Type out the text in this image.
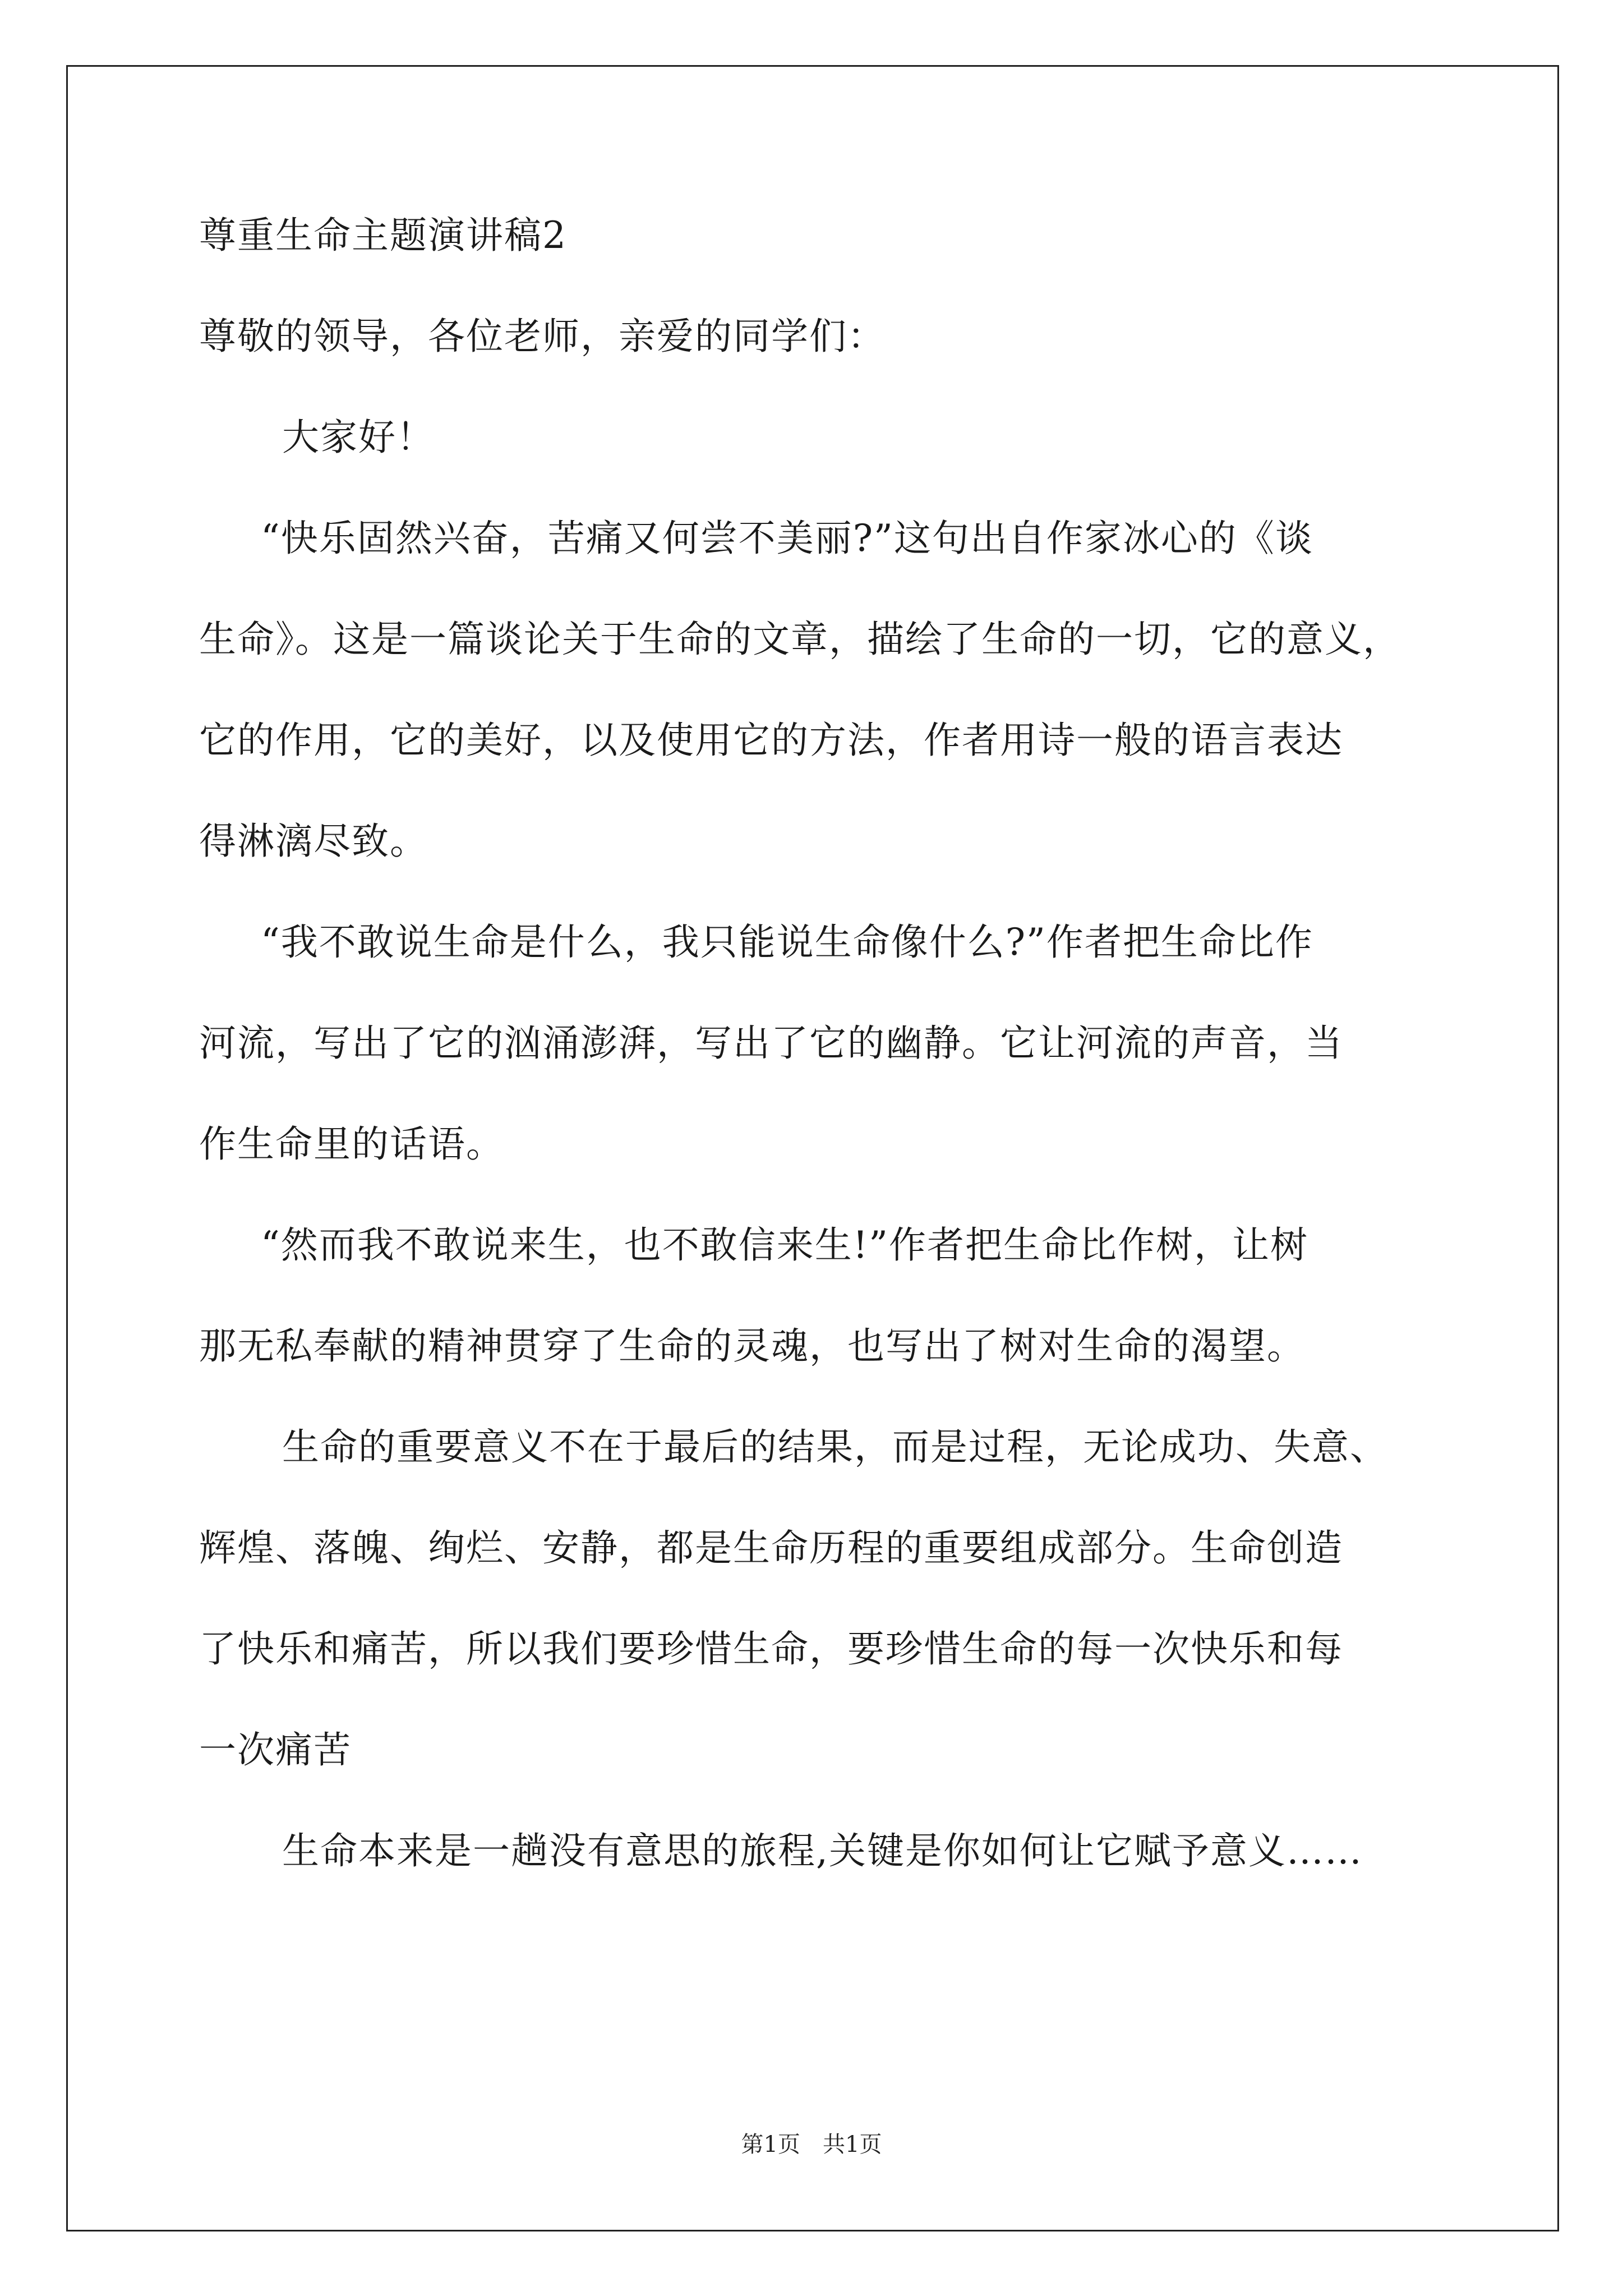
尊重生命主题演讲稿2
尊敬的领导，各位老师，亲爱的同学们：
大家好！
“快乐固然兴奋，苦痛又何尝不美丽?”这句出自作家冰心的《谈
生命》。这是一篇谈论关于生命的文章，描绘了生命的一切，它的意义，
它的作用，它的美好，以及使用它的方法，作者用诗一般的语言表达
得淋漓尽致。
“我不敢说生命是什么，我只能说生命像什么?”作者把生命比作
河流，写出了它的汹涌澎湃，写出了它的幽静。它让河流的声音，当
作生命里的话语。
“然而我不敢说来生，也不敢信来生!”作者把生命比作树，让树
那无私奉献的精神贯穿了生命的灵魂，也写出了树对生命的渴望。
生命的重要意义不在于最后的结果，而是过程，无论成功、失意、
辉煌、落魄、绚烂、安静，都是生命历程的重要组成部分。生命创造
了快乐和痛苦，所以我们要珍惜生命，要珍惜生命的每一次快乐和每
一次痛苦
生命本来是一趟没有意思的旅程,关键是你如何让它赋予意义……
第1页 共1页
